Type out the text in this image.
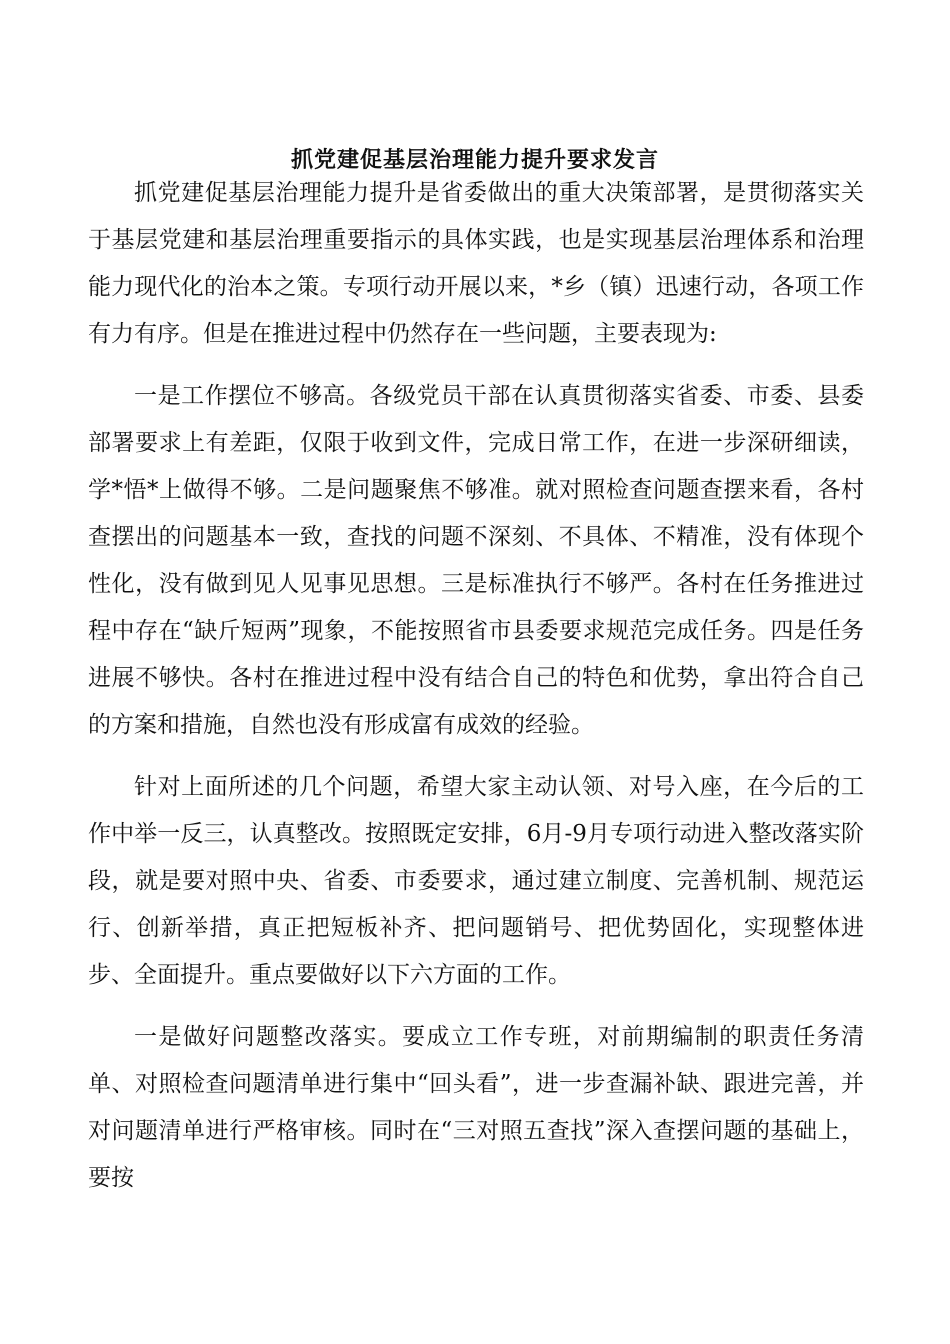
抓党建促基层治理能力提升要求发言

抓党建促基层治理能力提升是省委做出的重大决策部署，是贯彻落实关于基层党建和基层治理重要指示的具体实践，也是实现基层治理体系和治理能力现代化的治本之策。专项行动开展以来，*乡（镇）迅速行动，各项工作有力有序。但是在推进过程中仍然存在一些问题，主要表现为:

一是工作摆位不够高。各级党员干部在认真贯彻落实省委、市委、县委部署要求上有差距，仅限于收到文件，完成日常工作，在进一步深研细读，学*悟*上做得不够。二是问题聚焦不够准。就对照检查问题查摆来看，各村查摆出的问题基本一致，查找的问题不深刻、不具体、不精准，没有体现个性化，没有做到见人见事见思想。三是标准执行不够严。各村在任务推进过程中存在“缺斤短两”现象，不能按照省市县委要求规范完成任务。四是任务进展不够快。各村在推进过程中没有结合自己的特色和优势，拿出符合自己的方案和措施，自然也没有形成富有成效的经验。

针对上面所述的几个问题，希望大家主动认领、对号入座，在今后的工作中举一反三，认真整改。按照既定安排，6月-9月专项行动进入整改落实阶段，就是要对照中央、省委、市委要求，通过建立制度、完善机制、规范运行、创新举措，真正把短板补齐、把问题销号、把优势固化，实现整体进步、全面提升。重点要做好以下六方面的工作。

一是做好问题整改落实。要成立工作专班，对前期编制的职责任务清单、对照检查问题清单进行集中“回头看”，进一步查漏补缺、跟进完善，并对问题清单进行严格审核。同时在“三对照五查找”深入查摆问题的基础上，要按
